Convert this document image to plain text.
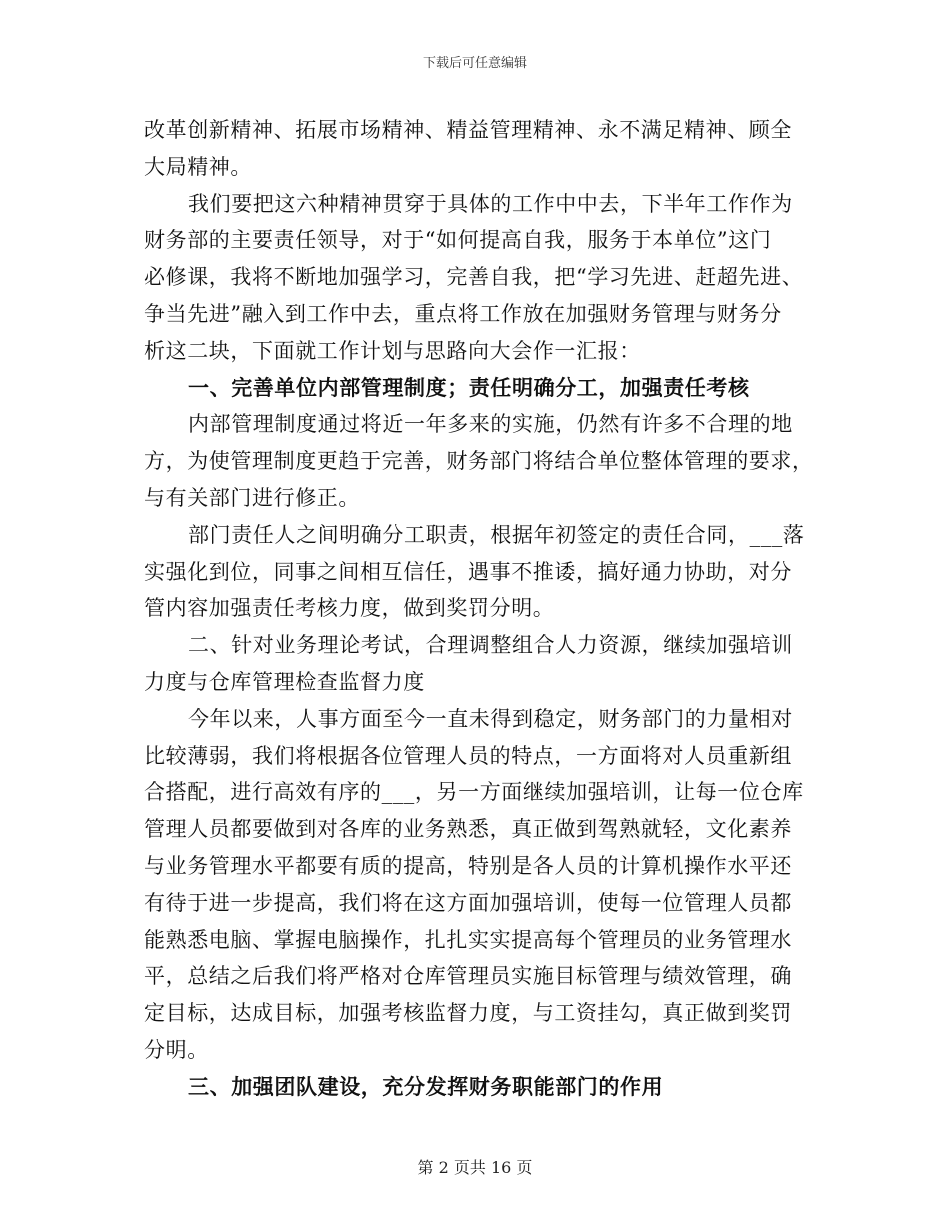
下载后可任意编辑
改革创新精神、拓展市场精神、精益管理精神、永不满足精神、顾全
大局精神。
我们要把这六种精神贯穿于具体的工作中中去，下半年工作作为
财务部的主要责任领导，对于“如何提高自我，服务于本单位”这门
必修课，我将不断地加强学习，完善自我，把“学习先进、赶超先进、
争当先进”融入到工作中去，重点将工作放在加强财务管理与财务分
析这二块，下面就工作计划与思路向大会作一汇报：
一、完善单位内部管理制度；责任明确分工，加强责任考核
内部管理制度通过将近一年多来的实施，仍然有许多不合理的地
方，为使管理制度更趋于完善，财务部门将结合单位整体管理的要求，
与有关部门进行修正。
部门责任人之间明确分工职责，根据年初签定的责任合同，___落
实强化到位，同事之间相互信任，遇事不推诿，搞好通力协助，对分
管内容加强责任考核力度，做到奖罚分明。
二、针对业务理论考试，合理调整组合人力资源，继续加强培训
力度与仓库管理检查监督力度
今年以来，人事方面至今一直未得到稳定，财务部门的力量相对
比较薄弱，我们将根据各位管理人员的特点，一方面将对人员重新组
合搭配，进行高效有序的___，另一方面继续加强培训，让每一位仓库
管理人员都要做到对各库的业务熟悉，真正做到驾熟就轻，文化素养
与业务管理水平都要有质的提高，特别是各人员的计算机操作水平还
有待于进一步提高，我们将在这方面加强培训，使每一位管理人员都
能熟悉电脑、掌握电脑操作，扎扎实实提高每个管理员的业务管理水
平，总结之后我们将严格对仓库管理员实施目标管理与绩效管理，确
定目标，达成目标，加强考核监督力度，与工资挂勾，真正做到奖罚
分明。
三、加强团队建设，充分发挥财务职能部门的作用
第 2 页共 16 页
